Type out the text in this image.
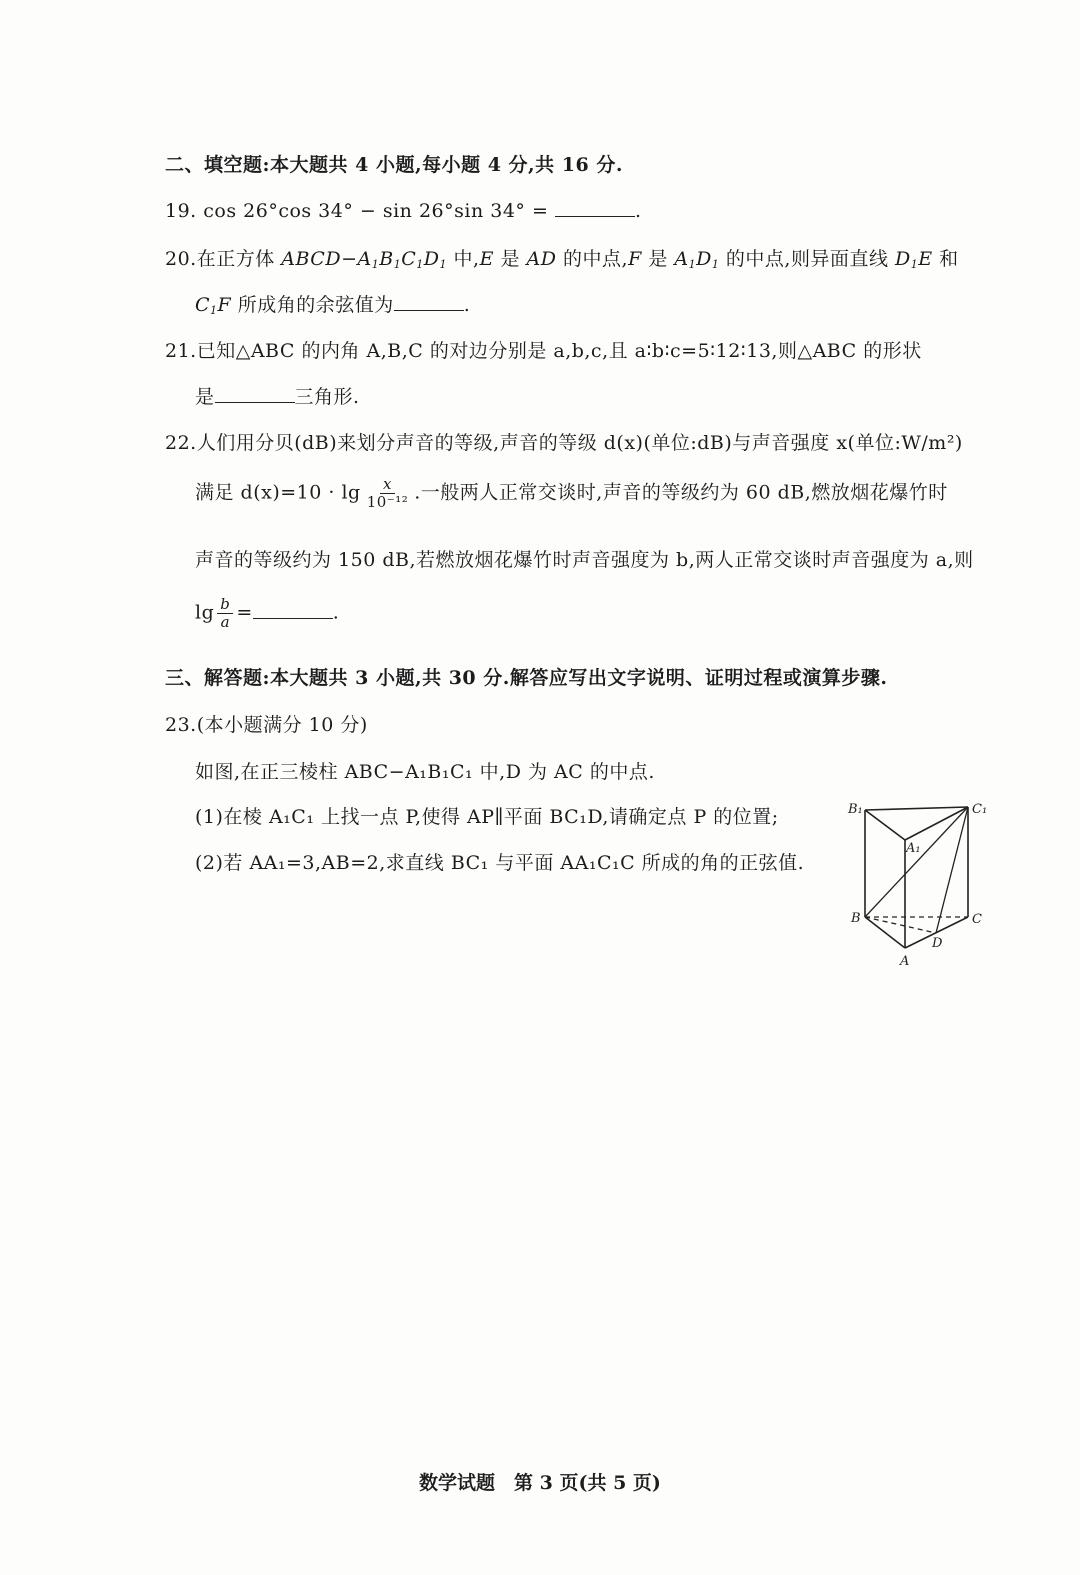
二、填空题:本大题共 4 小题,每小题 4 分,共 16 分.
19. cos 26°cos 34° − sin 26°sin 34° =	.
20.在正方体 $ABCD-A_1B_1C_1D_1$ 中,E 是 AD 的中点,F 是 $A_1D_1$ 的中点,则异面直线 $D_1E$ 和
$C_1F$ 所成角的余弦值为	.
21.已知△ABC 的内角 A,B,C 的对边分别是 a,b,c,且 a∶b∶c=5∶12∶13,则△ABC 的形状
是	三角形.
22.人们用分贝(dB)来划分声音的等级,声音的等级 d(x)(单位:dB)与声音强度 x(单位:W/m²)
满足 $d(x)=10 \cdot \lg \frac{x}{\text{10⁻¹²}}$ .一般两人正常交谈时,声音的等级约为 60 dB,燃放烟花爆竹时
声音的等级约为 150 dB,若燃放烟花爆竹时声音强度为 b,两人正常交谈时声音强度为 a,则
$\lg \frac{b}{a}$ =	.
三、解答题:本大题共 3 小题,共 30 分.解答应写出文字说明、证明过程或演算步骤.
23.(本小题满分 10 分)
如图,在正三棱柱 ABC−A₁B₁C₁ 中,D 为 AC 的中点.
(1)在棱 A₁C₁ 上找一点 P,使得 AP∥平面 BC₁D,请确定点 P 的位置;
(2)若 AA₁=3,AB=2,求直线 BC₁ 与平面 AA₁C₁C 所成的角的正弦值.
B₁	C₁
A₁
B	C
A
D
数学试题　第 3 页(共 5 页)
